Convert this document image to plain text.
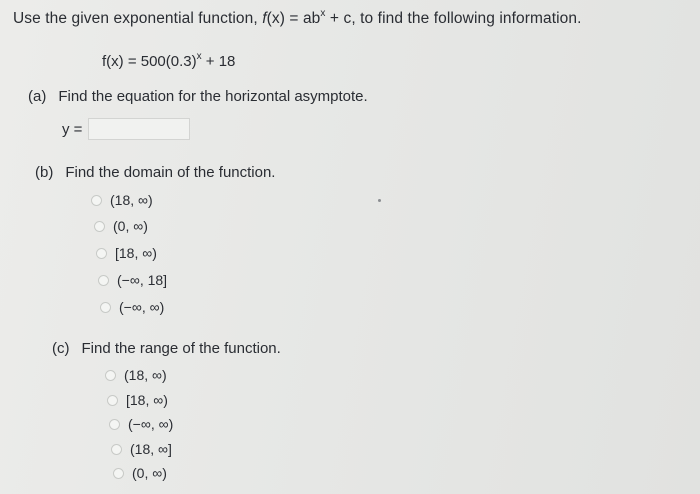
Use the given exponential function, $f(x) = ab^x + c$, to find the following information.
$f(x) = 500(0.3)^x + 18$
(a) Find the equation for the horizontal asymptote.
y =
(b) Find the domain of the function.
(18, ∞)
(0, ∞)
[18, ∞)
(−∞, 18]
(−∞, ∞)
(c) Find the range of the function.
(18, ∞)
[18, ∞)
(−∞, ∞)
(18, ∞]
(0, ∞)
